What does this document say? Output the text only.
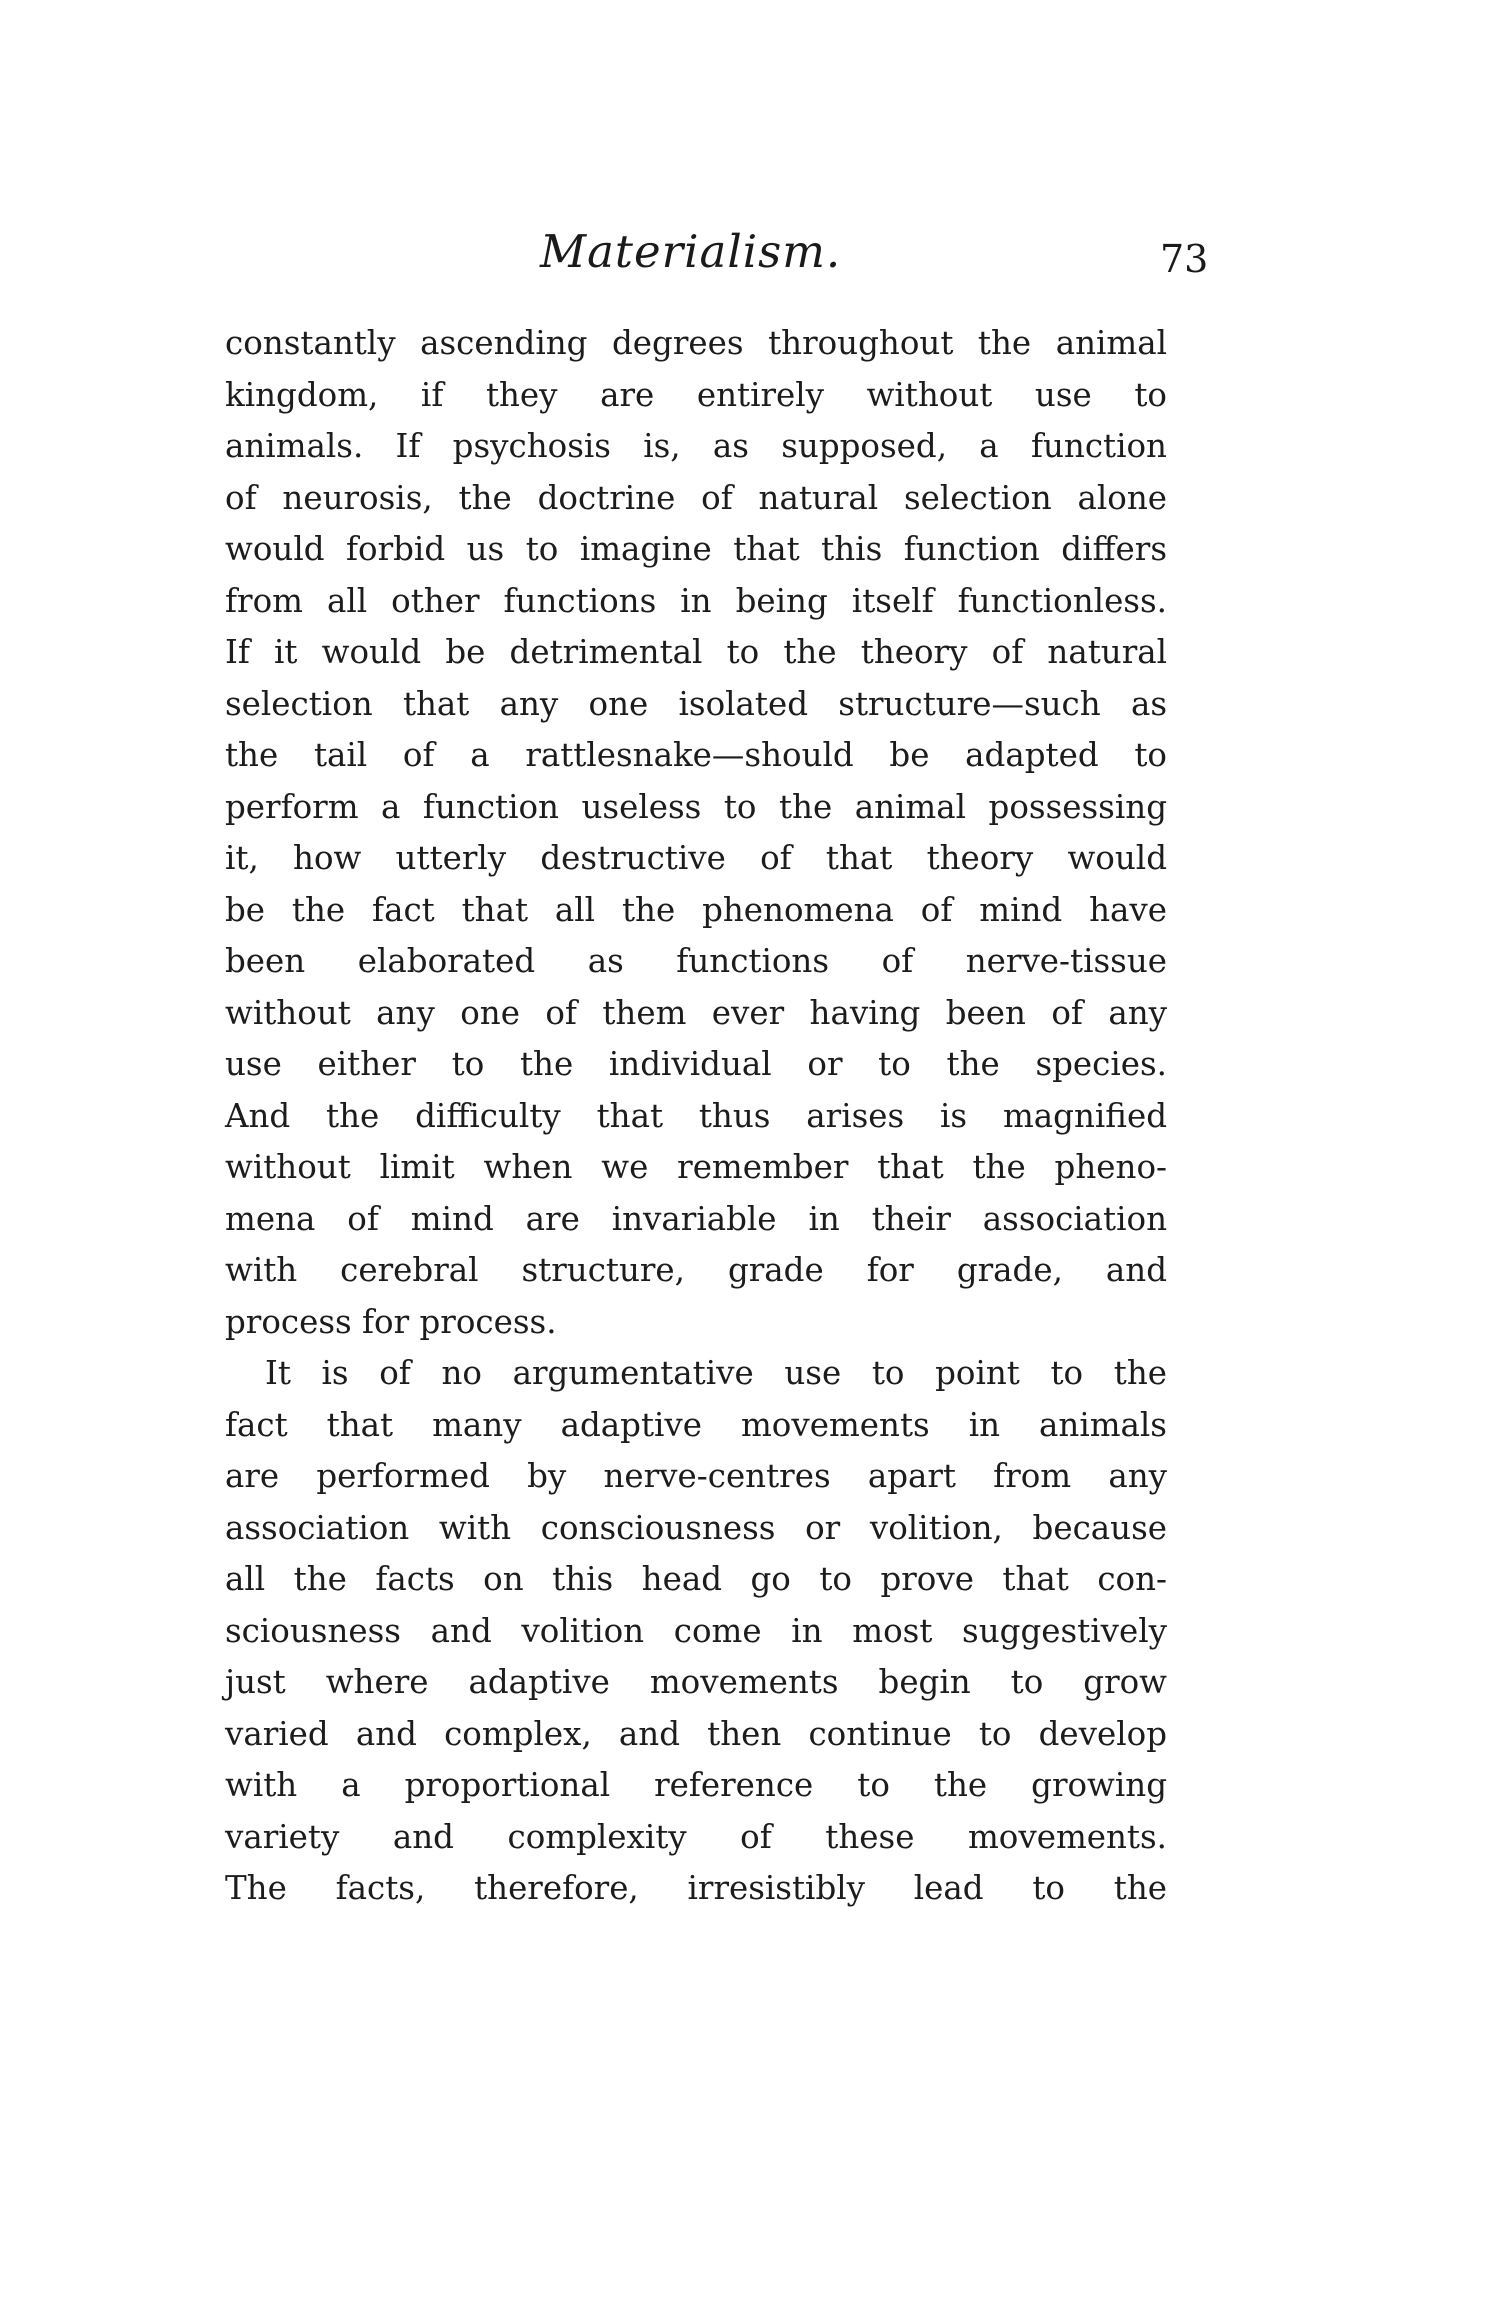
Materialism.	73
constantly ascending degrees throughout the animal
kingdom, if they are entirely without use to
animals. If psychosis is, as supposed, a function
of neurosis, the doctrine of natural selection alone
would forbid us to imagine that this function differs
from all other functions in being itself functionless.
If it would be detrimental to the theory of natural
selection that any one isolated structure—such as
the tail of a rattlesnake—should be adapted to
perform a function useless to the animal possessing
it, how utterly destructive of that theory would
be the fact that all the phenomena of mind have
been elaborated as functions of nerve-tissue
without any one of them ever having been of any
use either to the individual or to the species.
And the difficulty that thus arises is magnified
without limit when we remember that the pheno-
mena of mind are invariable in their association
with cerebral structure, grade for grade, and
process for process.
It is of no argumentative use to point to the
fact that many adaptive movements in animals
are performed by nerve-centres apart from any
association with consciousness or volition, because
all the facts on this head go to prove that con-
sciousness and volition come in most suggestively
just where adaptive movements begin to grow
varied and complex, and then continue to develop
with a proportional reference to the growing
variety and complexity of these movements.
The facts, therefore, irresistibly lead to the
